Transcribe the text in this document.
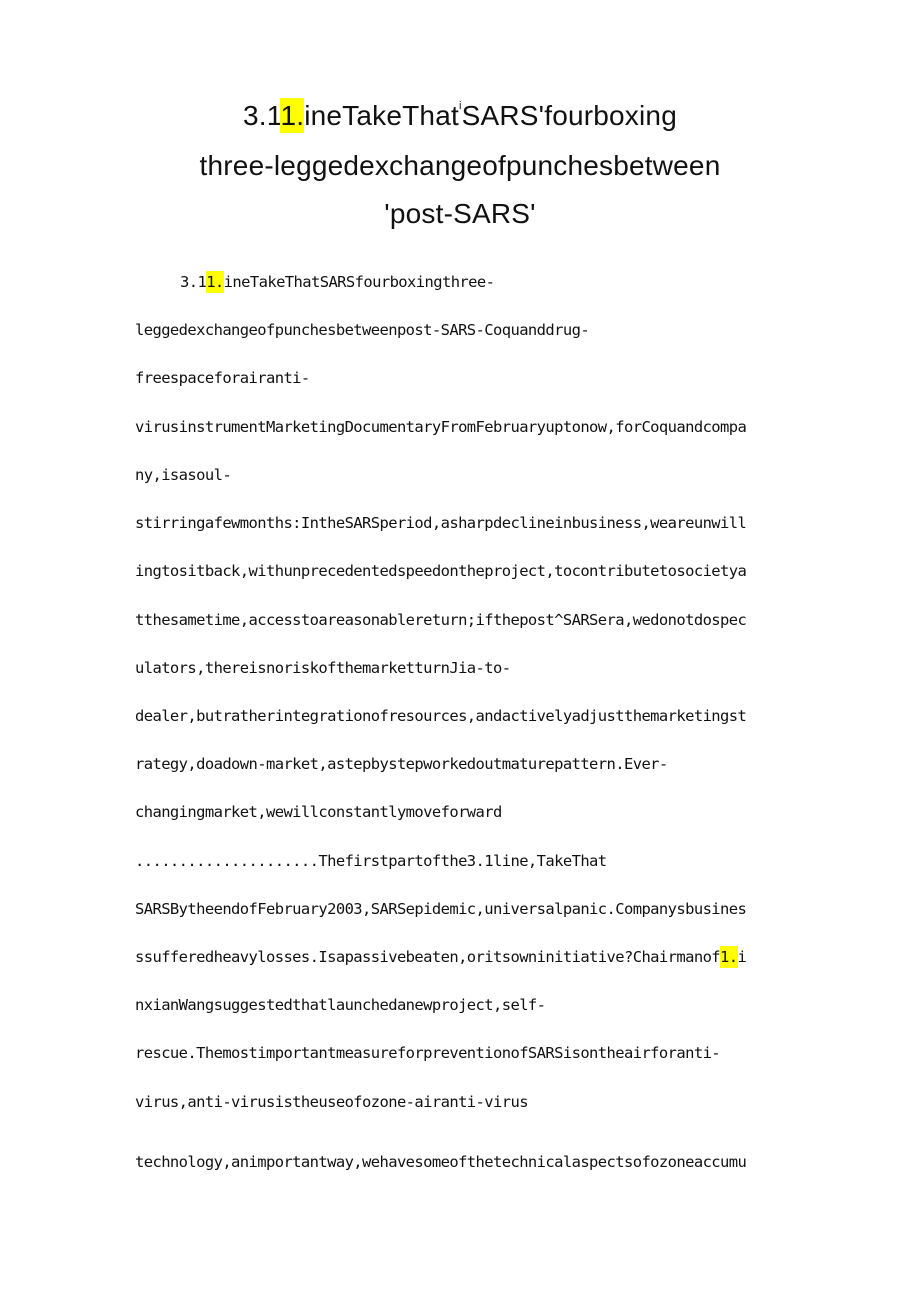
3.11.ineTakeThat$^i$SARS'fourboxing
three-leggedexchangeofpunchesbetween
'post-SARS'
3.11.ineTakeThatSARSfourboxingthree-
leggedexchangeofpunchesbetweenpost-SARS-Coquanddrug-
freespaceforairanti-
virusinstrumentMarketingDocumentaryFromFebruaryuptonow,forCoquandcompa
ny,isasoul-
stirringafewmonths:IntheSARSperiod,asharpdeclineinbusiness,weareunwill
ingtositback,withunprecedentedspeedontheproject,tocontributetosocietya
tthesametime,accesstoareasonablereturn;ifthepost^SARSera,wedonotdospec
ulators,thereisnoriskofthemarketturnJia-to-
dealer,butratherintegrationofresources,andactivelyadjustthemarketingst
rategy,doadown-market,astepbystepworkedoutmaturepattern.Ever-
changingmarket,wewillconstantlymoveforward
.....................Thefirstpartofthe3.1line,TakeThat
SARSBytheendofFebruary2003,SARSepidemic,universalpanic.Companysbusines
ssufferedheavylosses.Isapassivebeaten,oritsowninitiative?Chairmanof1.i
nxianWangsuggestedthatlaunchedanewproject,self-
rescue.ThemostimportantmeasureforpreventionofSARSisontheairforanti-
virus,anti-virusistheuseofozone-airanti-virus
technology,animportantway,wehavesomeofthetechnicalaspectsofozoneaccumu
